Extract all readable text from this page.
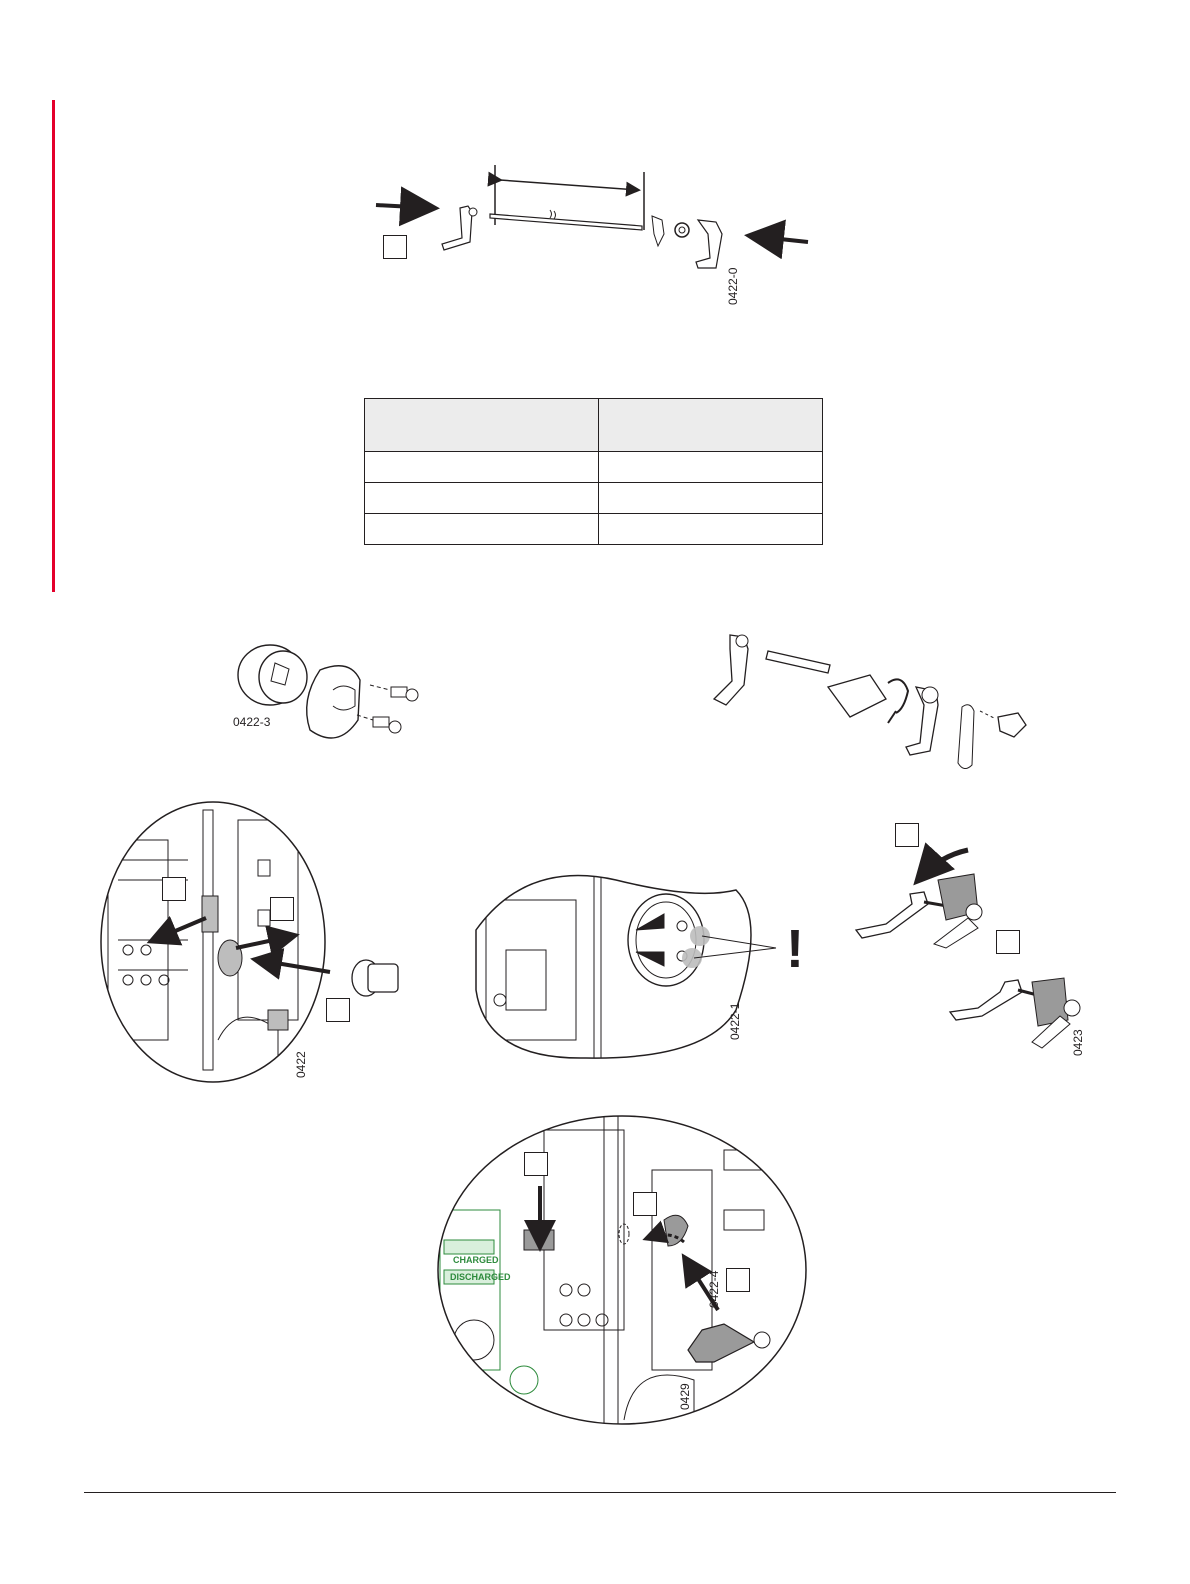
0422-0

0422-3
0422-4
0422
!
0422-1
0423
CHARGED
DISCHARGED
0429
